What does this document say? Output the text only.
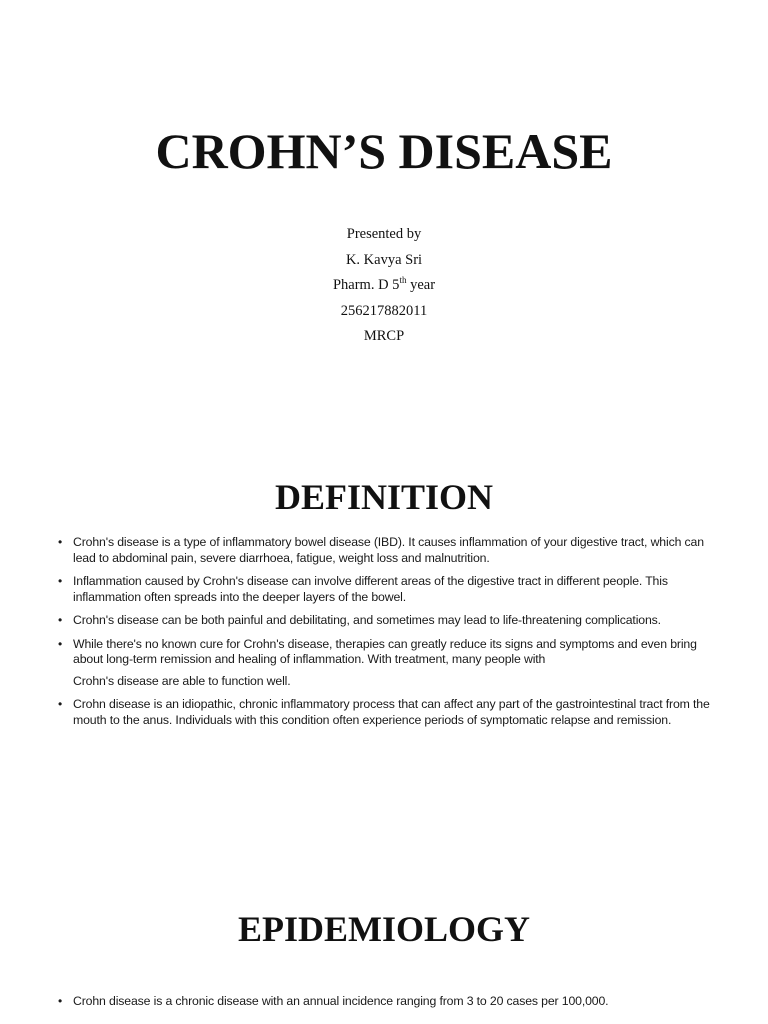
CROHN’S DISEASE
Presented by
K. Kavya Sri
Pharm. D 5th year
256217882011
MRCP
DEFINITION
• Crohn's disease is a type of inflammatory bowel disease (IBD). It causes inflammation of your digestive tract, which can lead to abdominal pain, severe diarrhoea, fatigue, weight loss and malnutrition.
• Inflammation caused by Crohn's disease can involve different areas of the digestive tract in different people. This inflammation often spreads into the deeper layers of the bowel.
• Crohn's disease can be both painful and debilitating, and sometimes may lead to life-threatening complications.
• While there's no known cure for Crohn's disease, therapies can greatly reduce its signs and symptoms and even bring about long-term remission and healing of inflammation. With treatment, many people with
Crohn's disease are able to function well.
• Crohn disease is an idiopathic, chronic inflammatory process that can affect any part of the gastrointestinal tract from the mouth to the anus. Individuals with this condition often experience periods of symptomatic relapse and remission.
EPIDEMIOLOGY
• Crohn disease is a chronic disease with an annual incidence ranging from 3 to 20 cases per 100,000.
